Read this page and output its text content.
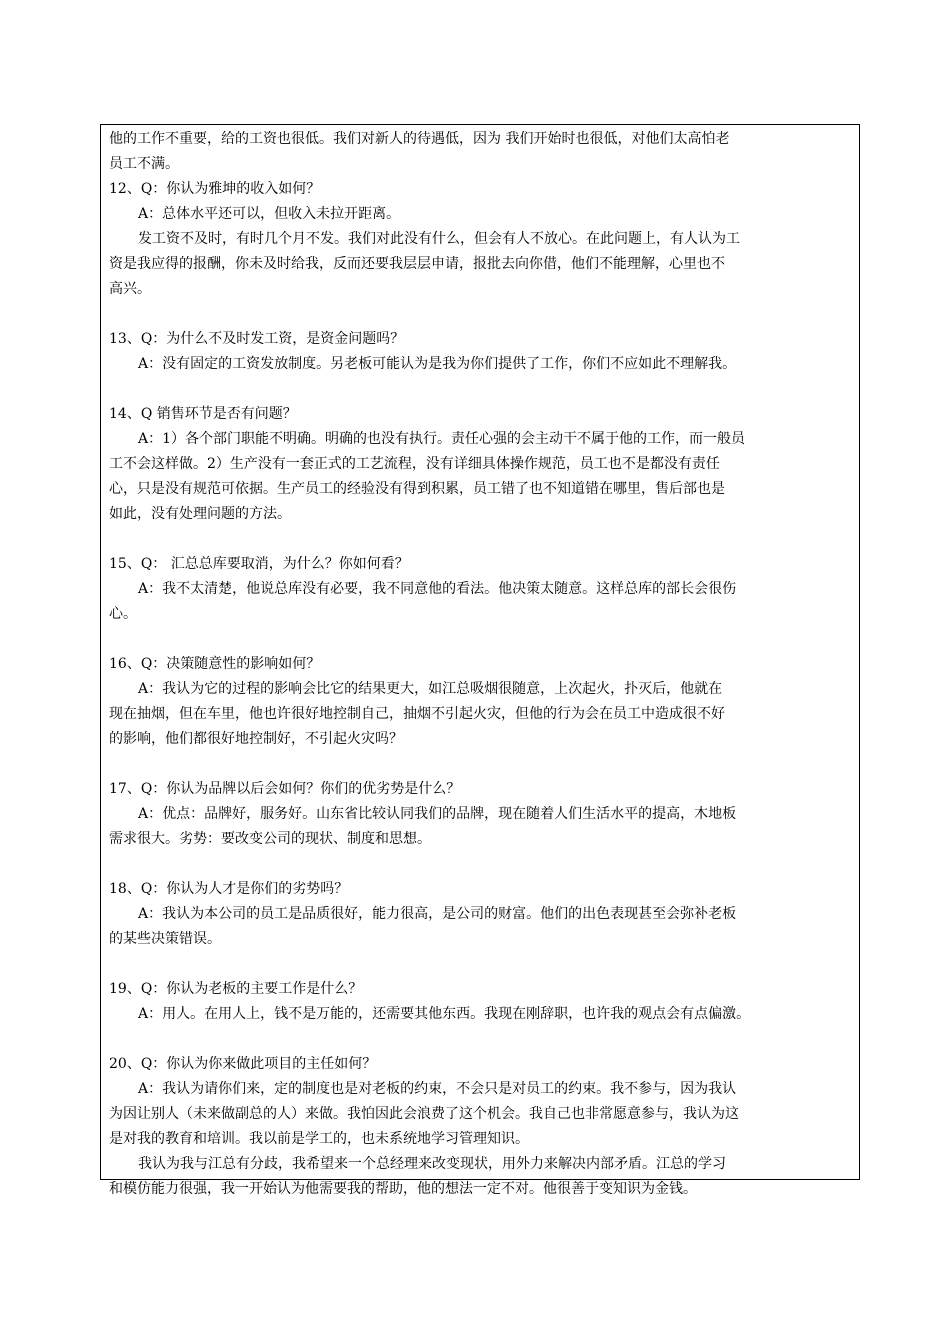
他的工作不重要，给的工资也很低。我们对新人的待遇低，因为 我们开始时也很低，对他们太高怕老

员工不满。

12、Q：你认为雅坤的收入如何？

A：总体水平还可以，但收入未拉开距离。

发工资不及时，有时几个月不发。我们对此没有什么，但会有人不放心。在此问题上，有人认为工

资是我应得的报酬，你未及时给我，反而还要我层层申请，报批去向你借，他们不能理解，心里也不

高兴。

13、Q：为什么不及时发工资，是资金问题吗？

A：没有固定的工资发放制度。另老板可能认为是我为你们提供了工作，你们不应如此不理解我。

14、Q 销售环节是否有问题？

A：1）各个部门职能不明确。明确的也没有执行。责任心强的会主动干不属于他的工作，而一般员

工不会这样做。2）生产没有一套正式的工艺流程，没有详细具体操作规范，员工也不是都没有责任

心，只是没有规范可依据。生产员工的经验没有得到积累，员工错了也不知道错在哪里，售后部也是

如此，没有处理问题的方法。

15、Q： 汇总总库要取消，为什么？你如何看？

A：我不太清楚，他说总库没有必要，我不同意他的看法。他决策太随意。这样总库的部长会很伤

心。

16、Q：决策随意性的影响如何？

A：我认为它的过程的影响会比它的结果更大，如江总吸烟很随意，上次起火，扑灭后，他就在

现在抽烟，但在车里，他也许很好地控制自己，抽烟不引起火灾，但他的行为会在员工中造成很不好

的影响，他们都很好地控制好，不引起火灾吗？

17、Q：你认为品牌以后会如何？你们的优劣势是什么？

A：优点：品牌好，服务好。山东省比较认同我们的品牌，现在随着人们生活水平的提高，木地板

需求很大。劣势：要改变公司的现状、制度和思想。

18、Q：你认为人才是你们的劣势吗？

A：我认为本公司的员工是品质很好，能力很高，是公司的财富。他们的出色表现甚至会弥补老板

的某些决策错误。

19、Q：你认为老板的主要工作是什么？

A：用人。在用人上，钱不是万能的，还需要其他东西。我现在刚辞职，也许我的观点会有点偏激。

20、Q：你认为你来做此项目的主任如何？

A：我认为请你们来，定的制度也是对老板的约束，不会只是对员工的约束。我不参与，因为我认

为因让别人（未来做副总的人）来做。我怕因此会浪费了这个机会。我自己也非常愿意参与，我认为这

是对我的教育和培训。我以前是学工的，也未系统地学习管理知识。

我认为我与江总有分歧，我希望来一个总经理来改变现状，用外力来解决内部矛盾。江总的学习

和模仿能力很强，我一开始认为他需要我的帮助，他的想法一定不对。他很善于变知识为金钱。
